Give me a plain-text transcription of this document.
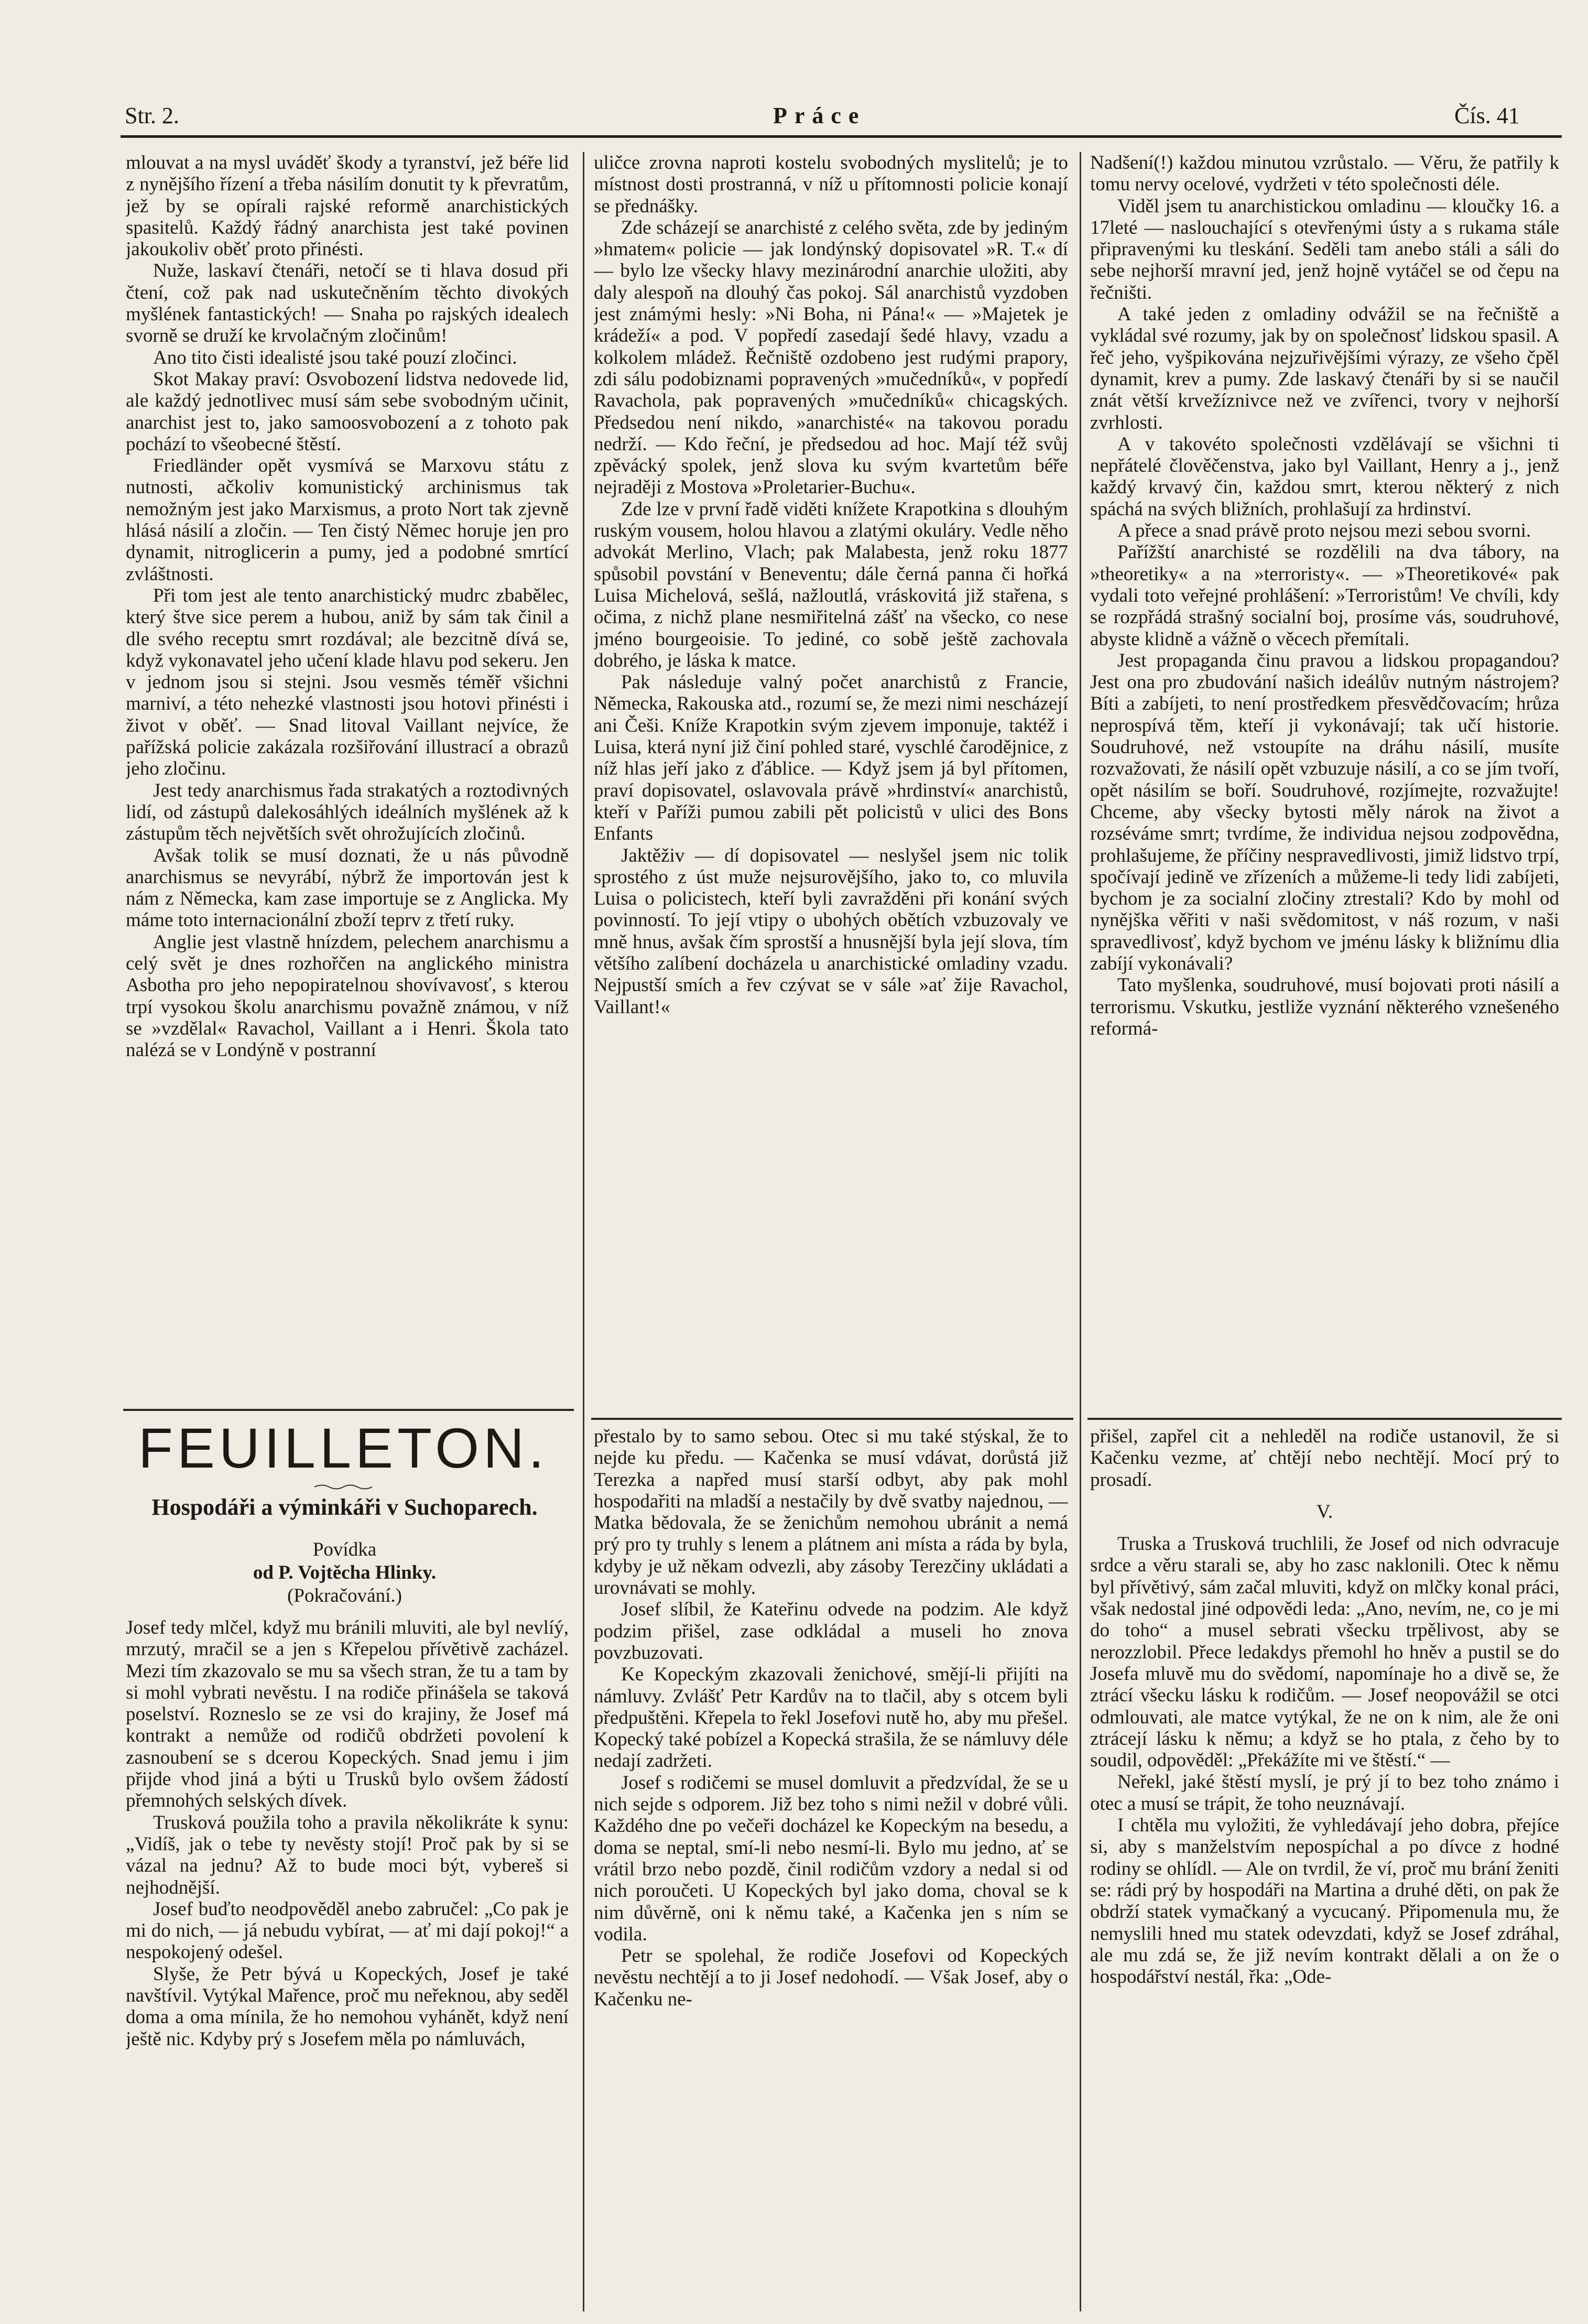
Str. 2.	Práce	Čís. 41

mlouvat a na mysl uváděť škody a tyranství, jež béře lid z nynějšího řízení a třeba násilím donutit ty k převratům, jež by se opírali rajské reformě anarchistických spasitelů. Každý řádný anarchista jest také povinen jakoukoliv oběť proto přinésti.

Nuže, laskaví čtenáři, netočí se ti hlava dosud při čtení, což pak nad uskutečněním těchto divokých myšlének fantastických! — Snaha po rajských idealech svorně se druží ke krvolačným zločinům!

Ano tito čisti idealisté jsou také pouzí zločinci.

Skot Makay praví: Osvobození lidstva nedovede lid, ale každý jednotlivec musí sám sebe svobodným učinit, anarchist jest to, jako samoosvobození a z tohoto pak pochází to všeobecné štěstí.

Friedländer opět vysmívá se Marxovu státu z nutnosti, ačkoliv komunistický archinismus tak nemožným jest jako Marxismus, a proto Nort tak zjevně hlásá násilí a zločin. — Ten čistý Němec horuje jen pro dynamit, nitroglicerin a pumy, jed a podobné smrtící zvláštnosti.

Při tom jest ale tento anarchistický mudrc zbabělec, který štve sice perem a hubou, aniž by sám tak činil a dle svého receptu smrt rozdával; ale bezcitně dívá se, když vykonavatel jeho učení klade hlavu pod sekeru. Jen v jednom jsou si stejni. Jsou vesměs téměř všichni marniví, a této nehezké vlastnosti jsou hotovi přinésti i život v oběť. — Snad litoval Vaillant nejvíce, že pařížská policie zakázala rozšiřování illustrací a obrazů jeho zločinu.

Jest tedy anarchismus řada strakatých a roztodivných lidí, od zástupů dalekosáhlých ideálních myšlének až k zástupům těch největších svět ohrožujících zločinů.

Avšak tolik se musí doznati, že u nás původně anarchismus se nevyrábí, nýbrž že importován jest k nám z Německa, kam zase importuje se z Anglicka. My máme toto internacionální zboží teprv z třetí ruky.

Anglie jest vlastně hnízdem, pelechem anarchismu a celý svět je dnes rozhořčen na anglického ministra Asbotha pro jeho nepopiratelnou shovívavosť, s kterou trpí vysokou školu anarchismu považně známou, v níž se »vzdělal« Ravachol, Vaillant a i Henri. Škola tato nalézá se v Londýně v postranní

uličce zrovna naproti kostelu svobodných myslitelů; je to místnost dosti prostranná, v níž u přítomnosti policie konají se přednášky.

Zde scházejí se anarchisté z celého světa, zde by jediným »hmatem« policie — jak londýnský dopisovatel »R. T.« dí — bylo lze všecky hlavy mezinárodní anarchie uložiti, aby daly alespoň na dlouhý čas pokoj. Sál anarchistů vyzdoben jest známými hesly: »Ni Boha, ni Pána!« — »Majetek je krádeží« a pod. V popředí zasedají šedé hlavy, vzadu a kolkolem mládež. Řečniště ozdobeno jest rudými prapory, zdi sálu podobiznami popravených »mučedníků«, v popředí Ravachola, pak popravených »mučedníků« chicagských. Předsedou není nikdo, »anarchisté« na takovou poradu nedrží. — Kdo řeční, je předsedou ad hoc. Mají též svůj zpěvácký spolek, jenž slova ku svým kvartetům béře nejraději z Mostova »Proletarier-Buchu«.

Zde lze v první řadě viděti knížete Krapotkina s dlouhým ruským vousem, holou hlavou a zlatými okuláry. Vedle něho advokát Merlino, Vlach; pak Malabesta, jenž roku 1877 spůsobil povstání v Beneventu; dále černá panna či hořká Luisa Michelová, sešlá, nažloutlá, vráskovitá již stařena, s očima, z nichž plane nesmiřitelná zášť na všecko, co nese jméno bourgeoisie. To jediné, co sobě ještě zachovala dobrého, je láska k matce.

Pak následuje valný počet anarchistů z Francie, Německa, Rakouska atd., rozumí se, že mezi nimi nescházejí ani Češi. Kníže Krapotkin svým zjevem imponuje, taktéž i Luisa, která nyní již činí pohled staré, vyschlé čarodějnice, z níž hlas jeří jako z ďáblice. — Když jsem já byl přítomen, praví dopisovatel, oslavovala právě »hrdinství« anarchistů, kteří v Paříži pumou zabili pět policistů v ulici des Bons Enfants

Jaktěživ — dí dopisovatel — neslyšel jsem nic tolik sprostého z úst muže nejsurovějšího, jako to, co mluvila Luisa o policistech, kteří byli zavražděni při konání svých povinností. To její vtipy o ubohých obětích vzbuzovaly ve mně hnus, avšak čím sprostší a hnusnější byla její slova, tím většího zalíbení docházela u anarchistické omladiny vzadu. Nejpustší smích a řev czývat se v sále »ať žije Ravachol, Vaillant!«

Nadšení(!) každou minutou vzrůstalo. — Věru, že patřily k tomu nervy ocelové, vydržeti v této společnosti déle.

Viděl jsem tu anarchistickou omladinu — kloučky 16. a 17leté — naslouchající s otevřenými ústy a s rukama stále připravenými ku tleskání. Seděli tam anebo stáli a sáli do sebe nejhorší mravní jed, jenž hojně vytáčel se od čepu na řečništi.

A také jeden z omladiny odvážil se na řečniště a vykládal své rozumy, jak by on společnosť lidskou spasil. A řeč jeho, vyšpikována nejzuřivějšími výrazy, ze všeho čpěl dynamit, krev a pumy. Zde laskavý čtenáři by si se naučil znát větší krvežíznivce než ve zvířenci, tvory v nejhorší zvrhlosti.

A v takovéto společnosti vzdělávají se všichni ti nepřátelé člověčenstva, jako byl Vaillant, Henry a j., jenž každý krvavý čin, každou smrt, kterou některý z nich spáchá na svých bližních, prohlašují za hrdinství.

A přece a snad právě proto nejsou mezi sebou svorni.

Pařížští anarchisté se rozdělili na dva tábory, na »theoretiky« a na »terroristy«. — »Theoretikové« pak vydali toto veřejné prohlášení: »Terroristům! Ve chvíli, kdy se rozpřádá strašný socialní boj, prosíme vás, soudruhové, abyste klidně a vážně o věcech přemítali.

Jest propaganda činu pravou a lidskou propagandou? Jest ona pro zbudování našich ideálův nutným nástrojem? Bíti a zabíjeti, to není prostředkem přesvědčovacím; hrůza neprospívá těm, kteří ji vykonávají; tak učí historie. Soudruhové, než vstoupíte na dráhu násilí, musíte rozvažovati, že násilí opět vzbuzuje násilí, a co se jím tvoří, opět násilím se boří. Soudruhové, rozjímejte, rozvažujte! Chceme, aby všecky bytosti měly nárok na život a rozséváme smrt; tvrdíme, že individua nejsou zodpovědna, prohlašujeme, že příčiny nespravedlivosti, jimiž lidstvo trpí, spočívají jedině ve zřízeních a můžeme-li tedy lidi zabíjeti, bychom je za socialní zločiny ztrestali? Kdo by mohl od nynějška věřiti v naši svědomitost, v náš rozum, v naši spravedlivosť, když bychom ve jménu lásky k bližnímu dlia zabíjí vykonávali?

Tato myšlenka, soudruhové, musí bojovati proti násilí a terrorismu. Vskutku, jestliže vyznání některého vznešeného reformá-

FEUILLETON.
Hospodáři a výminkáři v Suchoparech.
Povídka
od P. Vojtěcha Hlinky.
(Pokračování.)

Josef tedy mlčel, když mu bránili mluviti, ale byl nevlíý, mrzutý, mračil se a jen s Křepelou přívětivě zacházel. Mezi tím zkazovalo se mu sa všech stran, že tu a tam by si mohl vybrati nevěstu. I na rodiče přinášela se taková poselství. Rozneslo se ze vsi do krajiny, že Josef má kontrakt a nemůže od rodičů obdržeti povolení k zasnoubení se s dcerou Kopeckých. Snad jemu i jim přijde vhod jiná a býti u Trusků bylo ovšem žádostí přemnohých selských dívek.

Trusková použila toho a pravila několikráte k synu: „Vidíš, jak o tebe ty nevěsty stojí! Proč pak by si se vázal na jednu? Až to bude moci být, vybereš si nejhodnější.

Josef buďto neodpověděl anebo zabručel: „Co pak je mi do nich, — já nebudu vybírat, — ať mi dají pokoj!“ a nespokojený odešel.

Slyše, že Petr bývá u Kopeckých, Josef je také navštívil. Vytýkal Mařence, proč mu neřeknou, aby seděl doma a oma mínila, že ho nemohou vyhánět, když není ještě nic. Kdyby prý s Josefem měla po námluvách,

přestalo by to samo sebou. Otec si mu také stýskal, že to nejde ku předu. — Kačenka se musí vdávat, dorůstá již Terezka a napřed musí starší odbyt, aby pak mohl hospodařiti na mladší a nestačily by dvě svatby najednou, — Matka bědovala, že se ženichům nemohou ubránit a nemá prý pro ty truhly s lenem a plátnem ani místa a ráda by byla, kdyby je už někam odvezli, aby zásoby Terezčiny ukládati a urovnávati se mohly.

Josef slíbil, že Kateřinu odvede na podzim. Ale když podzim přišel, zase odkládal a museli ho znova povzbuzovati.

Ke Kopeckým zkazovali ženichové, smějí-li přijíti na námluvy. Zvlášť Petr Kardův na to tlačil, aby s otcem byli předpuštěni. Křepela to řekl Josefovi nutě ho, aby mu přešel. Kopecký také pobízel a Kopecká strašila, že se námluvy déle nedají zadržeti.

Josef s rodičemi se musel domluvit a předzvídal, že se u nich sejde s odporem. Již bez toho s nimi nežil v dobré vůli. Každého dne po večeři docházel ke Kopeckým na besedu, a doma se neptal, smí-li nebo nesmí-li. Bylo mu jedno, ať se vrátil brzo nebo pozdě, činil rodičům vzdory a nedal si od nich poroučeti. U Kopeckých byl jako doma, choval se k nim důvěrně, oni k němu také, a Kačenka jen s ním se vodila.

Petr se spolehal, že rodiče Josefovi od Kopeckých nevěstu nechtějí a to ji Josef nedohodí. — Však Josef, aby o Kačenku ne-

přišel, zapřel cit a nehleděl na rodiče ustanovil, že si Kačenku vezme, ať chtějí nebo nechtějí. Mocí prý to prosadí.

V.

Truska a Trusková truchlili, že Josef od nich odvracuje srdce a věru starali se, aby ho zasc naklonili. Otec k němu byl přívětivý, sám začal mluviti, když on mlčky konal práci, však nedostal jiné odpovědi leda: „Ano, nevím, ne, co je mi do toho“ a musel sebrati všecku trpělivost, aby se nerozzlobil. Přece ledakdys přemohl ho hněv a pustil se do Josefa mluvě mu do svědomí, napomínaje ho a divě se, že ztrácí všecku lásku k rodičům. — Josef neopovážil se otci odmlouvati, ale matce vytýkal, že ne on k nim, ale že oni ztrácejí lásku k němu; a když se ho ptala, z čeho by to soudil, odpověděl: „Překážíte mi ve štěstí.“ —

Neřekl, jaké štěstí myslí, je prý jí to bez toho známo i otec a musí se trápit, že toho neuznávají.

I chtěla mu vyložiti, že vyhledávají jeho dobra, přejíce si, aby s manželstvím nepospíchal a po dívce z hodné rodiny se ohlídl. — Ale on tvrdil, že ví, proč mu brání ženiti se: rádi prý by hospodáři na Martina a druhé děti, on pak že obdrží statek vymačkaný a vycucaný. Připomenula mu, že nemyslili hned mu statek odevzdati, když se Josef zdráhal, ale mu zdá se, že již nevím kontrakt dělali a on že o hospodářství nestál, řka: „Ode-
